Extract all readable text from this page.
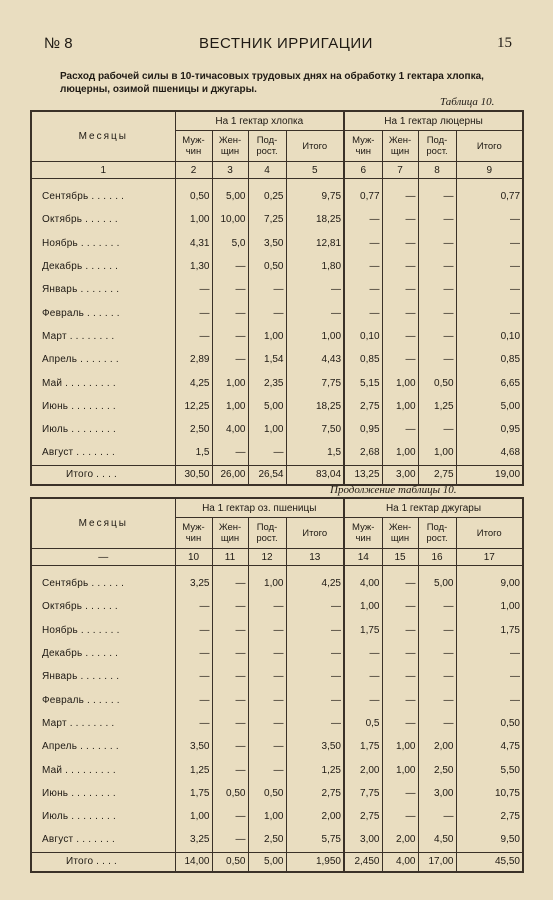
№ 8	ВЕСТНИК ИРРИГАЦИИ	15
Расход рабочей силы в 10-тичасовых трудовых днях на обработку 1 гектара хлопка, люцерны, озимой пшеницы и джугары.
Таблица 10.
Месяцы	На 1 гектар хлопка				На 1 гектар люцерны			
	Муж-чин	Жен-щин	Под-рост.	Итого	Муж-чин	Жен-щин	Под-рост.	Итого
1	2	3	4	5	6	7	8	9
Сентябрь . . . . . .	0,50	5,00	0,25	9,75	0,77	—	—	0,77
Октябрь . . . . . .	1,00	10,00	7,25	18,25	—	—	—	—
Ноябрь . . . . . . .	4,31	5,0	3,50	12,81	—	—	—	—
Декабрь . . . . . .	1,30	—	0,50	1,80	—	—	—	—
Январь . . . . . . .	—	—	—	—	—	—	—	—
Февраль . . . . . .	—	—	—	—	—	—	—	—
Март . . . . . . . .	—	—	1,00	1,00	0,10	—	—	0,10
Апрель . . . . . . .	2,89	—	1,54	4,43	0,85	—	—	0,85
Май . . . . . . . . .	4,25	1,00	2,35	7,75	5,15	1,00	0,50	6,65
Июнь . . . . . . . .	12,25	1,00	5,00	18,25	2,75	1,00	1,25	5,00
Июль . . . . . . . .	2,50	4,00	1,00	7,50	0,95	—	—	0,95
Август . . . . . . .	1,5	—	—	1,5	2,68	1,00	1,00	4,68
Итого . . . .	30,50	26,00	26,54	83,04	13,25	3,00	2,75	19,00
Продолжение таблицы 10.
Месяцы	На 1 гектар оз. пшеницы				На 1 гектар джугары			
	Муж-чин	Жен-щин	Под-рост.	Итого	Муж-чин	Жен-щин	Под-рост.	Итого
—	10	11	12	13	14	15	16	17
Сентябрь . . . . . .	3,25	—	1,00	4,25	4,00	—	5,00	9,00
Октябрь . . . . . .	—	—	—	—	1,00	—	—	1,00
Ноябрь . . . . . . .	—	—	—	—	1,75	—	—	1,75
Декабрь . . . . . .	—	—	—	—	—	—	—	—
Январь . . . . . . .	—	—	—	—	—	—	—	—
Февраль . . . . . .	—	—	—	—	—	—	—	—
Март . . . . . . . .	—	—	—	—	0,5	—	—	0,50
Апрель . . . . . . .	3,50	—	—	3,50	1,75	1,00	2,00	4,75
Май . . . . . . . . .	1,25	—	—	1,25	2,00	1,00	2,50	5,50
Июнь . . . . . . . .	1,75	0,50	0,50	2,75	7,75	—	3,00	10,75
Июль . . . . . . . .	1,00	—	1,00	2,00	2,75	—	—	2,75
Август . . . . . . .	3,25	—	2,50	5,75	3,00	2,00	4,50	9,50
Итого . . . .	14,00	0,50	5,00	1,950	2,450	4,00	17,00	45,50
